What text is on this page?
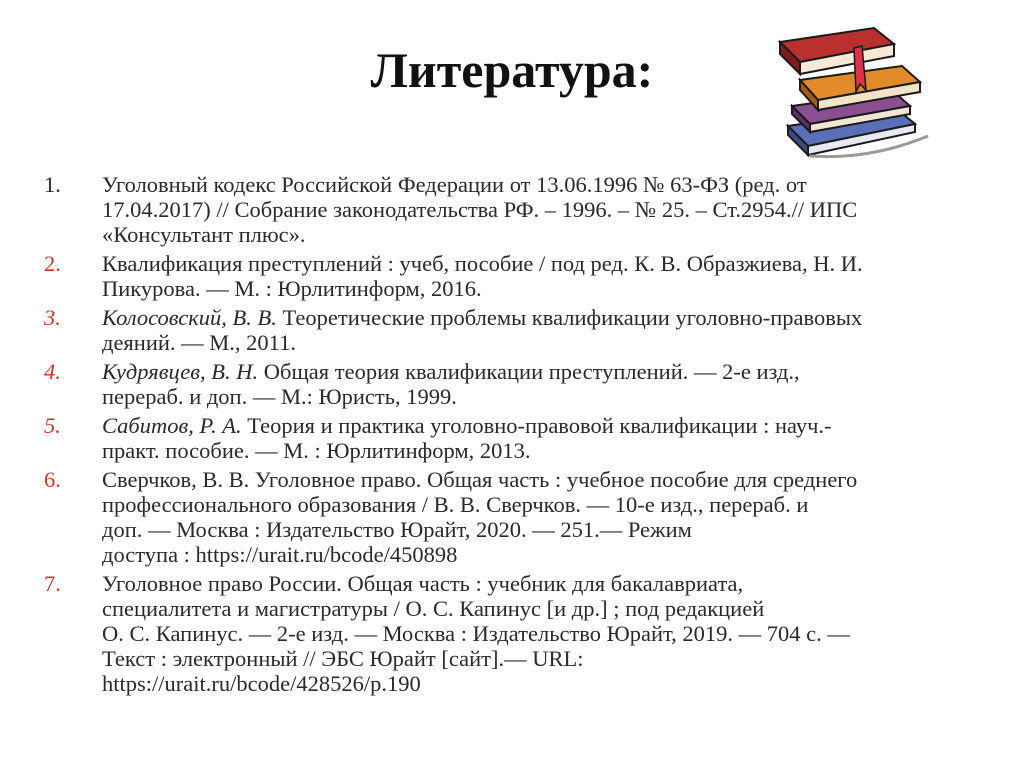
Литература:
1. Уголовный кодекс Российской Федерации от 13.06.1996 № 63-ФЗ (ред. от
17.04.2017) // Собрание законодательства РФ. – 1996. – № 25. – Ст.2954.// ИПС
«Консультант плюс».
2. Квалификация преступлений : учеб, пособие / под ред. К. В. Образжиева, Н. И.
Пикурова. — М. : Юрлитинформ, 2016.
3. Колосовский, В. В. Теоретические проблемы квалификации уголовно-правовых
деяний. — М., 2011.
4. Кудрявцев, В. Н. Общая теория квалификации преступлений. — 2-е изд.,
перераб. и доп. — М.: Юристь, 1999.
5. Сабитов, Р. А. Теория и практика уголовно-правовой квалификации : науч.-
практ. пособие. — М. : Юрлитинформ, 2013.
6. Сверчков, В. В. Уголовное право. Общая часть : учебное пособие для среднего
профессионального образования / В. В. Сверчков. — 10-е изд., перераб. и
доп. — Москва : Издательство Юрайт, 2020. — 251.— Режим
доступа : https://urait.ru/bcode/450898
7. Уголовное право России. Общая часть : учебник для бакалавриата,
специалитета и магистратуры / О. С. Капинус [и др.] ; под редакцией
О. С. Капинус. — 2-е изд. — Москва : Издательство Юрайт, 2019. — 704 с. —
Текст : электронный // ЭБС Юрайт [сайт].— URL:
https://urait.ru/bcode/428526/p.190
